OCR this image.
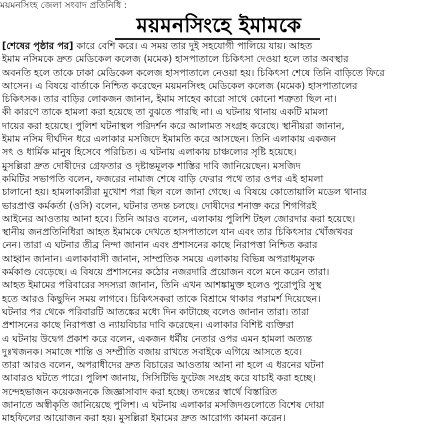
ময়মনসিংহ জেলা সংবাদ প্রতিনিধি :
ময়মনসিংহে ইমামকে
[শেষের পৃষ্ঠার পর] কারে বেশি করে। এ সময় তার দুই সহযোগী পালিয়ে যায়। আহত
ইমাম নসিমকে দ্রুত মেডিকেল কলেজ (মমেক) হাসপাতালে চিকিৎসা দেওয়া হলে তার অবস্থার
অবনতি হলে তাকে ঢাকা মেডিকেল কলেজ হাসপাতালে নেওয়া হয়। চিকিৎসা শেষে তিনি বাড়িতে ফিরে
আসেন। এ বিষয়ে বার্তাকে নিশ্চিত করেছেন ময়মনসিংহ মেডিকেল কলেজ (মমেক) হাসপাতালের
চিকিৎসক। তার বাড়ির লোকজন জানান, ইমাম সাহেব কারো সাথে কোনো শত্রুতা ছিল না।
কী কারণে তাকে হামলা করা হয়েছে তা বুঝতে পারছি না। এ ঘটনায় থানায় একটি মামলা
দায়ের করা হয়েছে। পুলিশ ঘটনাস্থল পরিদর্শন করে আলামত সংগ্রহ করেছে। স্থানীয়রা জানান,
ইমাম নসিম দীর্ঘদিন ধরে এলাকার মসজিদে ইমামতি করে আসছেন। তিনি এলাকায় একজন
সৎ ও ধার্মিক মানুষ হিসেবে পরিচিত। এ ঘটনায় এলাকায় চাঞ্চল্যের সৃষ্টি হয়েছে।
মুসল্লিরা দ্রুত দোষীদের গ্রেফতার ও দৃষ্টান্তমূলক শাস্তির দাবি জানিয়েছেন। মসজিদ
কমিটির সভাপতি বলেন, ফজরের নামাজ শেষে বাড়ি ফেরার পথে তার ওপর এই হামলা
চালানো হয়। হামলাকারীরা মুখোশ পরা ছিল বলে জানা গেছে। এ বিষয়ে কোতোয়ালি মডেল থানার
ভারপ্রাপ্ত কর্মকর্তা (ওসি) বলেন, ঘটনার তদন্ত চলছে। দোষীদের শনাক্ত করে শিগগিরই
আইনের আওতায় আনা হবে। তিনি আরও বলেন, এলাকায় পুলিশি টহল জোরদার করা হয়েছে।
স্থানীয় জনপ্রতিনিধিরা আহত ইমামকে দেখতে হাসপাতালে যান এবং তার চিকিৎসার খোঁজখবর
নেন। তারা এ ঘটনার তীব্র নিন্দা জানান এবং প্রশাসনের কাছে নিরাপত্তা নিশ্চিত করার
আহ্বান জানান। এলাকাবাসী জানান, সাম্প্রতিক সময়ে এলাকায় বিভিন্ন অপরাধমূলক
কর্মকাণ্ড বেড়েছে। এ বিষয়ে প্রশাসনের কঠোর নজরদারি প্রয়োজন বলে মনে করেন তারা।
আহত ইমামের পরিবারের সদস্যরা জানান, তিনি এখন আশঙ্কামুক্ত হলেও পুরোপুরি সুস্থ
হতে আরও কিছুদিন সময় লাগবে। চিকিৎসকরা তাকে বিশ্রামে থাকার পরামর্শ দিয়েছেন।
ঘটনার পর থেকে পরিবারটি আতঙ্কের মধ্যে দিন কাটাচ্ছে বলেও জানান তারা। তারা
প্রশাসনের কাছে নিরাপত্তা ও ন্যায়বিচার দাবি করেছেন। এলাকার বিশিষ্ট ব্যক্তিরা
এ ঘটনায় উদ্বেগ প্রকাশ করে বলেন, একজন ধর্মীয় নেতার ওপর এমন হামলা অত্যন্ত
দুঃখজনক। সমাজে শান্তি ও সম্প্রীতি বজায় রাখতে সবাইকে এগিয়ে আসতে হবে।
তারা আরও বলেন, অপরাধীদের দ্রুত বিচারের আওতায় আনা না হলে এ ধরনের ঘটনা
আবারও ঘটতে পারে। পুলিশ জানায়, সিসিটিভি ফুটেজ সংগ্রহ করে যাচাই করা হচ্ছে।
সন্দেহভাজন কয়েকজনকে জিজ্ঞাসাবাদ করা হচ্ছে। তদন্তের স্বার্থে বিস্তারিত
জানাতে অস্বীকৃতি জানিয়েছে পুলিশ। এ ঘটনায় এলাকার মসজিদগুলোতে বিশেষ দোয়া
মাহফিলের আয়োজন করা হয়। মুসল্লিরা ইমামের দ্রুত আরোগ্য কামনা করেন।
